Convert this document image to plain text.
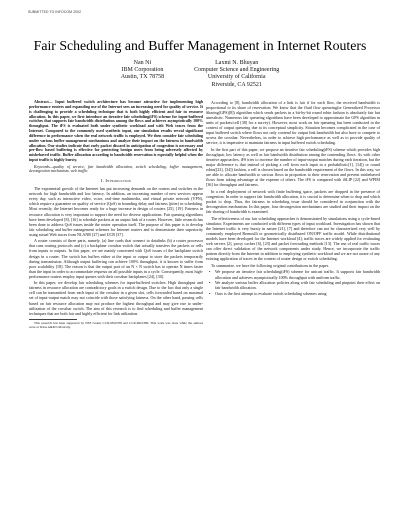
SUBMITTED TO INFOCOM 2002
Fair Scheduling and Buffer Management in Internet Routers
Nan Ni
IBM Corporation
Austin, TX 78758
Laxmi N. Bhuyan
Computer Science and Engineering
University of California
Riverside, CA 92521

Abstract— Input buffered switch architecture has become attractive for implementing high performance routers and expanding use of the Internet sees an increasing need for quality of service. It is challenging to provide a scheduling technique that is both highly efficient and fair in resource allocation. In this paper, we first introduce an iterative fair scheduling(iFS) scheme for input-buffered switches that supports fair bandwidth distribution among the flows and achieves asymptotically 100% throughput. The iFS is evaluated both under synthetic workload and with Web traces from the Internet. Compared to the commonly used synthetic input, our simulation results reveal significant difference in performance when the real network traffic is employed. We then consider fair scheduling under various buffer management mechanisms and analyze their impact on the fairness in bandwidth allocation. Our studies indicate that early packet discard in anticipation of congestion is necessary and per-flow based buffering is effective for protecting benign users from being adversely affected by misbehaved traffic. Buffer allocation according to bandwidth reservation is especially helpful when the input traffic is highly bursty.

Keywords—quality of service, fair bandwidth allocation, switch scheduling, buffer management, decongestion mechanism, web traffic.

I. Introduction

The exponential growth of the Internet has put increasing demands on the routers and switches in the network for high bandwidth and low latency. In addition, an increasing number of new services appear every day, such as interactive video, voice, real-time multimedia, and virtual private network (VPN), which require a guarantee on quality of service (QoS) in bounding delay and fairness (jitter) in scheduling. Most recently, the Internet becomes ready for a huge increase in design of routers [25], [19]. Fairness in resource allocation is very important to support the need for diverse applications. Fair queuing algorithms have been developed [8], [16] to schedule packets at an output link of a router. However, little research has been done to address QoS issues inside the router operation itself. The purpose of this paper is to develop fair scheduling and buffer management schemes for Internet routers and to demonstrate their superiority using actual Web traces from NLANR [27] and UCB [37].

A router consists of three parts, namely, (a) line cards that connect to datalinks (b) a router processor that runs routing protocols and (c) a backplane crossbar switch that actually transfers the packets or cells from inputs to outputs. In this paper, we are mainly concerned with QoS issues of the backplane switch design in a router. The switch has buffers either at the input or output to store the packets temporarily during transmission. Although output buffering can achieve 100% throughput, it is known to suffer from poor scalability [18]. The reason is that the output port of an N × N switch has to operate N times faster than the input in order to accommodate requests on all possible inputs in a cycle. Consequently, most high-performance routers employ input queues with their crossbar backplanes [24], [30].

In this paper, we develop fair scheduling schemes for input-buffered switches. High throughput and fairness in resource allocation are contradictory goals in a switch design. Due to the fact that only a single cell can be transmitted from each input of the crossbar in a given slot, cells forwarded based on maximal set of input-output match may not coincide with those satisfying fairness. On the other hand, passing cells based on fair resource allocation may not produce the highest throughput and may give rise to under-utilization of the crossbar switch. The aim of this research is to find scheduling and buffer management techniques that are both fair and highly efficient for link utilization.

This research has been supported by NSF Grants CCR-9810708 and CCR-9610380. This work was done while the authors were at Texas A&M University.

According to [8], bandwidth allocation of a link is fair if for each flow, the received bandwidth is proportional to its share of reservation. We know that the fluid flow queueing(or Generalized Processor Sharing(GPS)[8]) algorithm which sends packets in a bit-by-bit round robin fashion is absolutely fair but unrealistic. Numerous fair queueing algorithms have been developed to approximate the GPS algorithm in units of packets/cell [38] for a survey). However, most work on fair queueing has been conducted in the context of output queueing due to its conceptual simplicity. Situation becomes complicated in the case of input buffered switch where flows not only contend for output link bandwidth but also have to compete to access the crossbar. Nevertheless, in order to achieve high performance as well as to provide quality of service, it is imperative to maintain fairness in input buffered switch scheduling.

In the first part of this paper, we propose an iterative fair scheduling(iFS) scheme which provides high throughput, low latency as well as fair bandwidth distribution among the contending flows. As with other iterative approaches, iFS tries to increase the number of input-output matches during each iteration, but the major difference is that instead of picking a cell from each input in a probabilistic[1], [14]) or round robin([23], [34]) fashion, a cell is chosen based on the bandwidth requirement of the flows. In this way, we are able to allocate bandwidth to various flows in proportion to their reservation and prevent misbehaved flows from taking advantage at the expense of others. The iFS is compared with iSLIP [22] and WPIM [36] for throughput and fairness.

In a real deployment of network with finite buffering space, packets are dropped in the presence of congestion. In order to support fair bandwidth allocation, it is crucial to determine when to drop and which packet to drop. Thus, the fairness in scheduling issue should be considered in conjunction with the decongestion mechanism. In this paper, four decongestion mechanisms are studied and their impact on the fair sharing of bandwidth is examined.

The effectiveness of our fair scheduling approaches is demonstrated by simulations using a cycle-based simulator. Experiments are conducted with different types of input workload. Investigation has shown that the Internet traffic is very bursty in nature [21], [7] and therefore can not be characterized very well by commonly employed Bernoulli or geometrically distributed ON/OFF traffic model. While distributional models have been developed for the Internet workload [4], traffic traces are widely applied for evaluating web servers [2], proxy caches [6], [23] and packet forwarding methods [13]. The use of real traffic traces can offer direct validation of the network components under study. Hence, we incorporate the traffic pattern directly from the Internet in addition to employing synthetic workload and we are not aware of any existing application of traces in the context of router design or switch scheduling.

To summarize, we have the following original contributions in the paper.

• We propose an iterative fair scheduling(iFS) scheme for unicast traffic. It supports fair bandwidth allocation and achieves asymptotically 100% throughput with uniform traffic.
• We analyze various buffer allocation policies along with fair scheduling and pinpoint their effect on fair bandwidth allocation.
• Ours is the first attempt to evaluate switch scheduling schemes using
